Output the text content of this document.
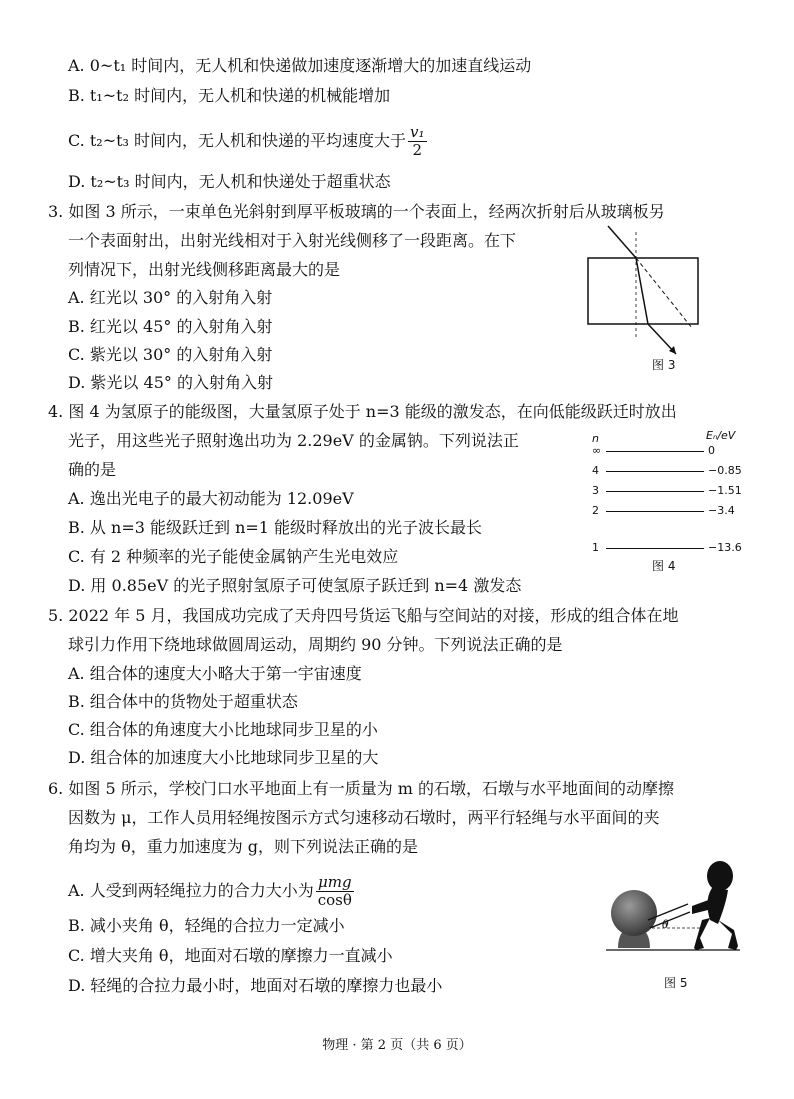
A. 0~t₁ 时间内，无人机和快递做加速度逐渐增大的加速直线运动
B. t₁~t₂ 时间内，无人机和快递的机械能增加
C. t₂~t₃ 时间内，无人机和快递的平均速度大于 $\frac{\text{v₁}}{2}$
D. t₂~t₃ 时间内，无人机和快递处于超重状态
3. 如图 3 所示，一束单色光斜射到厚平板玻璃的一个表面上，经两次折射后从玻璃板另
一个表面射出，出射光线相对于入射光线侧移了一段距离。在下
列情况下，出射光线侧移距离最大的是
A. 红光以 30° 的入射角入射
B. 红光以 45° 的入射角入射
C. 紫光以 30° 的入射角入射
D. 紫光以 45° 的入射角入射
图 3
4. 图 4 为氢原子的能级图，大量氢原子处于 n=3 能级的激发态，在向低能级跃迁时放出
光子，用这些光子照射逸出功为 2.29eV 的金属钠。下列说法正
确的是
A. 逸出光电子的最大初动能为 12.09eV
B. 从 n=3 能级跃迁到 n=1 能级时释放出的光子波长最长
C. 有 2 种频率的光子能使金属钠产生光电效应
D. 用 0.85eV 的光子照射氢原子可使氢原子跃迁到 n=4 激发态
n	Eₙ/eV
∞	0
4	−0.85
3	−1.51
2	−3.4
1	−13.6
图 4
5. 2022 年 5 月，我国成功完成了天舟四号货运飞船与空间站的对接，形成的组合体在地
球引力作用下绕地球做圆周运动，周期约 90 分钟。下列说法正确的是
A. 组合体的速度大小略大于第一宇宙速度
B. 组合体中的货物处于超重状态
C. 组合体的角速度大小比地球同步卫星的小
D. 组合体的加速度大小比地球同步卫星的大
6. 如图 5 所示，学校门口水平地面上有一质量为 m 的石墩，石墩与水平地面间的动摩擦
因数为 μ，工作人员用轻绳按图示方式匀速移动石墩时，两平行轻绳与水平面间的夹
角均为 θ，重力加速度为 g，则下列说法正确的是
A. 人受到两轻绳拉力的合力大小为 $\frac{\text{μmg}}{\cos\theta}$
B. 减小夹角 θ，轻绳的合拉力一定减小
C. 增大夹角 θ，地面对石墩的摩擦力一直减小
D. 轻绳的合拉力最小时，地面对石墩的摩擦力也最小
θ
图 5
物理 · 第 2 页（共 6 页）
